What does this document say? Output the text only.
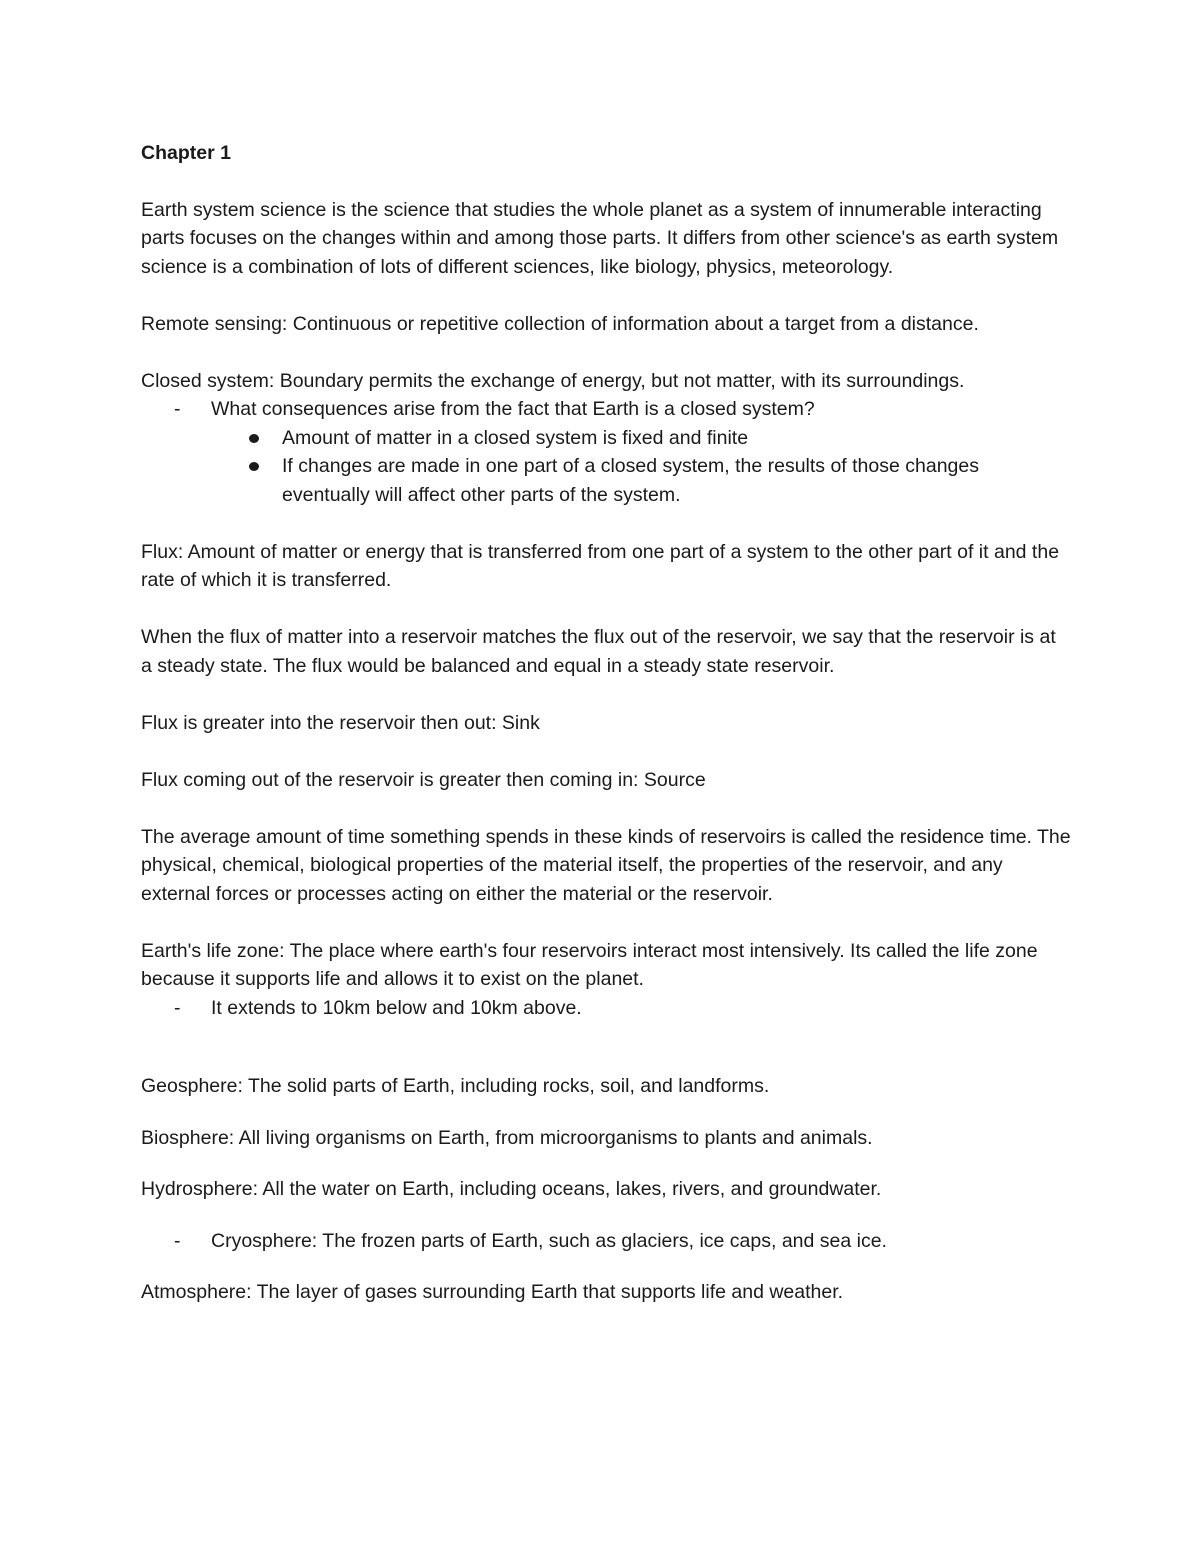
Chapter 1

Earth system science is the science that studies the whole planet as a system of innumerable interacting parts focuses on the changes within and among those parts. It differs from other science's as earth system science is a combination of lots of different sciences, like biology, physics, meteorology.

Remote sensing: Continuous or repetitive collection of information about a target from a distance.

Closed system: Boundary permits the exchange of energy, but not matter, with its surroundings.

- What consequences arise from the fact that Earth is a closed system?
Amount of matter in a closed system is fixed and finite
If changes are made in one part of a closed system, the results of those changes eventually will affect other parts of the system.

Flux: Amount of matter or energy that is transferred from one part of a system to the other part of it and the rate of which it is transferred.

When the flux of matter into a reservoir matches the flux out of the reservoir, we say that the reservoir is at a steady state. The flux would be balanced and equal in a steady state reservoir.

Flux is greater into the reservoir then out: Sink

Flux coming out of the reservoir is greater then coming in: Source

The average amount of time something spends in these kinds of reservoirs is called the residence time. The physical, chemical, biological properties of the material itself, the properties of the reservoir, and any external forces or processes acting on either the material or the reservoir.

Earth's life zone: The place where earth's four reservoirs interact most intensively. Its called the life zone because it supports life and allows it to exist on the planet.

- It extends to 10km below and 10km above.

Geosphere: The solid parts of Earth, including rocks, soil, and landforms.

Biosphere: All living organisms on Earth, from microorganisms to plants and animals.

Hydrosphere: All the water on Earth, including oceans, lakes, rivers, and groundwater.

- Cryosphere: The frozen parts of Earth, such as glaciers, ice caps, and sea ice.

Atmosphere: The layer of gases surrounding Earth that supports life and weather.
